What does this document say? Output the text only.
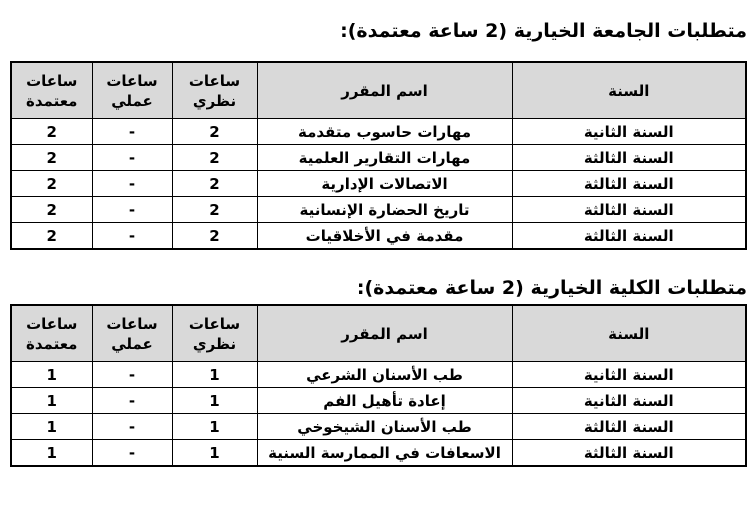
متطلبات الجامعة الخيارية (2 ساعة معتمدة):
السنة	اسم المقرر	ساعات نظري	ساعات عملي	ساعات معتمدة
السنة الثانية	مهارات حاسوب متقدمة	2	-	2
السنة الثالثة	مهارات التقارير العلمية	2	-	2
السنة الثالثة	الاتصالات الإدارية	2	-	2
السنة الثالثة	تاريخ الحضارة الإنسانية	2	-	2
السنة الثالثة	مقدمة في الأخلاقيات	2	-	2
متطلبات الكلية الخيارية (2 ساعة معتمدة):
السنة	اسم المقرر	ساعات نظري	ساعات عملي	ساعات معتمدة
السنة الثانية	طب الأسنان الشرعي	1	-	1
السنة الثانية	إعادة تأهيل الفم	1	-	1
السنة الثالثة	طب الأسنان الشيخوخي	1	-	1
السنة الثالثة	الاسعافات في الممارسة السنية	1	-	1
